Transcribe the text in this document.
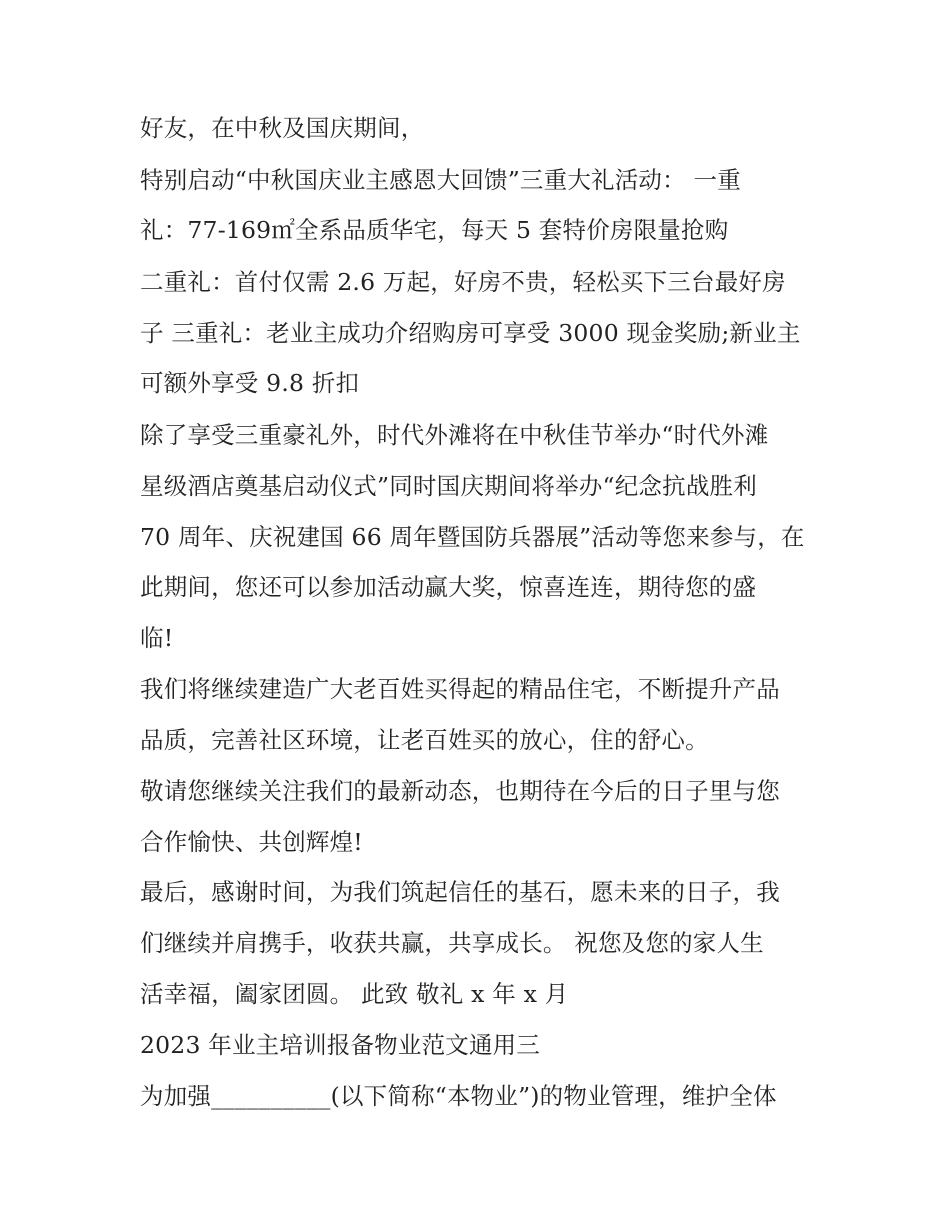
好友，在中秋及国庆期间，
特别启动“中秋国庆业主感恩大回馈”三重大礼活动： 一重
礼：77-169㎡全系品质华宅，每天 5 套特价房限量抢购
二重礼：首付仅需 2.6 万起，好房不贵，轻松买下三台最好房
子 三重礼：老业主成功介绍购房可享受 3000 现金奖励;新业主
可额外享受 9.8 折扣
除了享受三重豪礼外，时代外滩将在中秋佳节举办“时代外滩
星级酒店奠基启动仪式”同时国庆期间将举办“纪念抗战胜利
70 周年、庆祝建国 66 周年暨国防兵器展”活动等您来参与，在
此期间，您还可以参加活动赢大奖，惊喜连连，期待您的盛
临!
我们将继续建造广大老百姓买得起的精品住宅，不断提升产品
品质，完善社区环境，让老百姓买的放心，住的舒心。
敬请您继续关注我们的最新动态，也期待在今后的日子里与您
合作愉快、共创辉煌!
最后，感谢时间，为我们筑起信任的基石，愿未来的日子，我
们继续并肩携手，收获共赢，共享成长。 祝您及您的家人生
活幸福，阖家团圆。 此致 敬礼 x 年 x 月
2023 年业主培训报备物业范文通用三
为加强__________(以下简称“本物业”)的物业管理，维护全体
